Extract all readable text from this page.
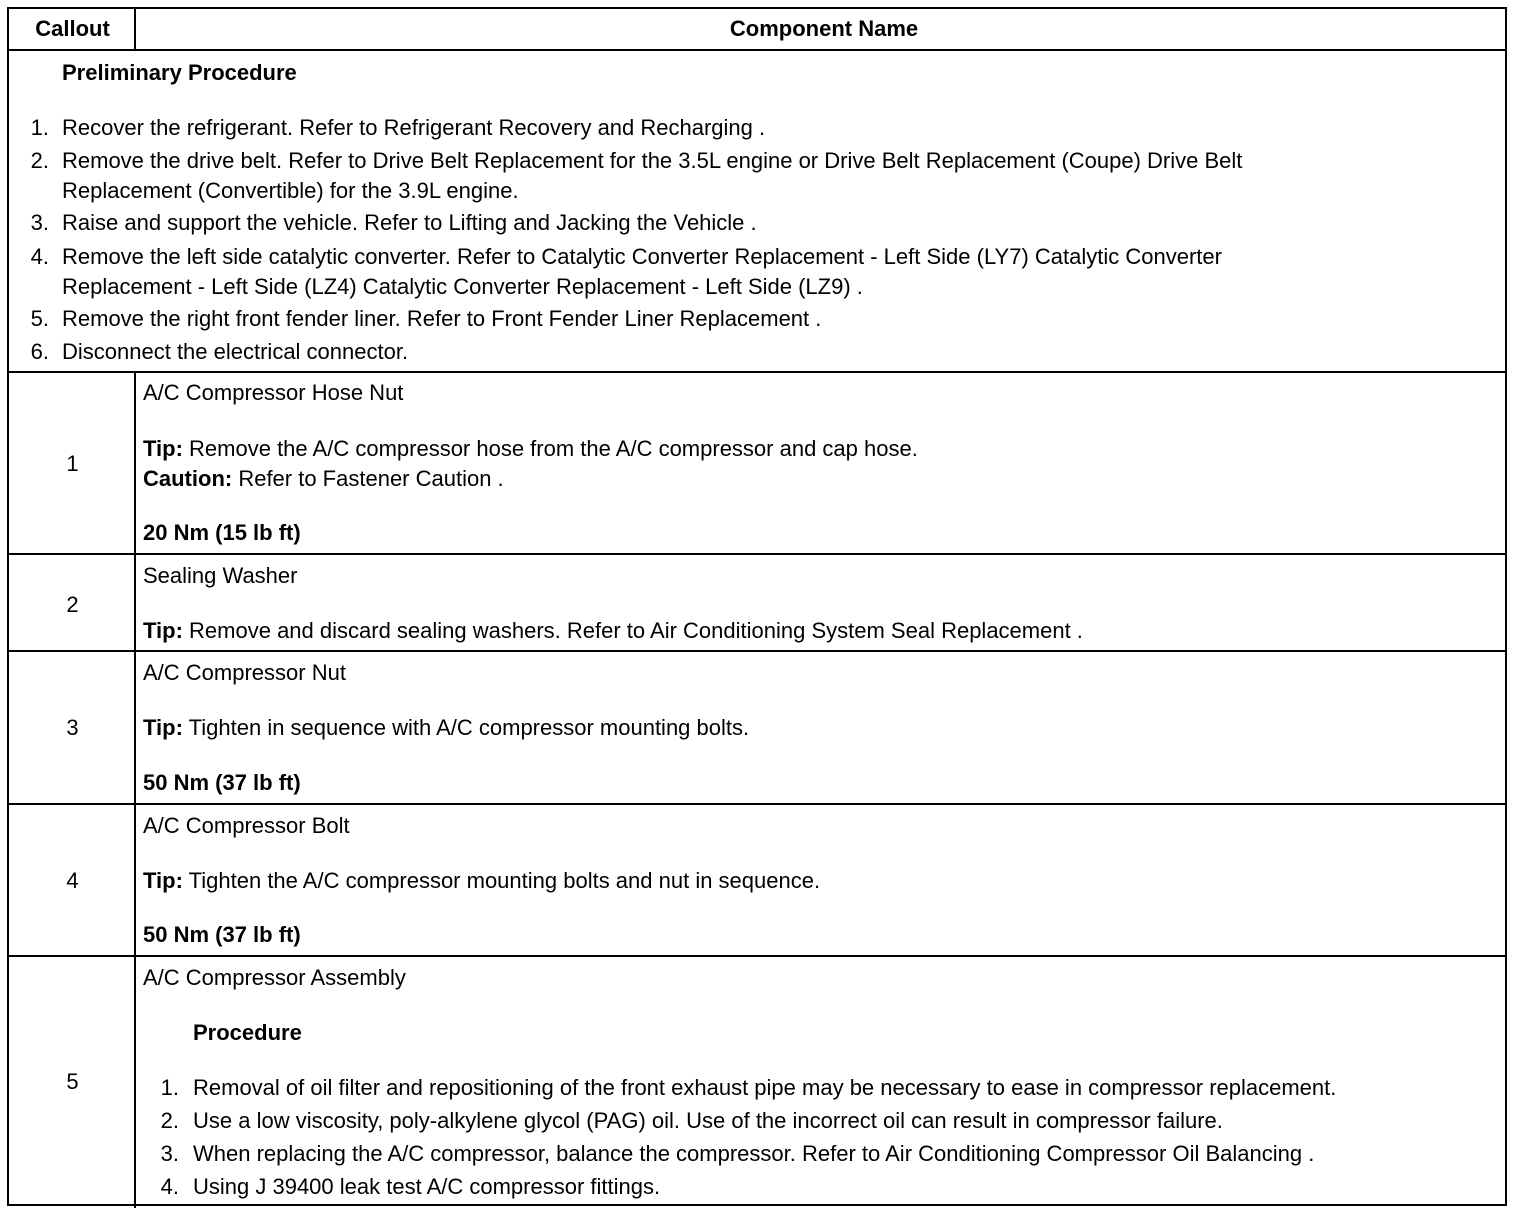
Callout	Component Name
Preliminary Procedure
1. Recover the refrigerant. Refer to Refrigerant Recovery and Recharging .
2. Remove the drive belt. Refer to Drive Belt Replacement for the 3.5L engine or Drive Belt Replacement (Coupe) Drive Belt
Replacement (Convertible) for the 3.9L engine.
3. Raise and support the vehicle. Refer to Lifting and Jacking the Vehicle .
4. Remove the left side catalytic converter. Refer to Catalytic Converter Replacement - Left Side (LY7) Catalytic Converter
Replacement - Left Side (LZ4) Catalytic Converter Replacement - Left Side (LZ9) .
5. Remove the right front fender liner. Refer to Front Fender Liner Replacement .
6. Disconnect the electrical connector.
1
A/C Compressor Hose Nut
Tip: Remove the A/C compressor hose from the A/C compressor and cap hose.
Caution: Refer to Fastener Caution .
20 Nm (15 lb ft)
2
Sealing Washer
Tip: Remove and discard sealing washers. Refer to Air Conditioning System Seal Replacement .
3
A/C Compressor Nut
Tip: Tighten in sequence with A/C compressor mounting bolts.
50 Nm (37 lb ft)
4
A/C Compressor Bolt
Tip: Tighten the A/C compressor mounting bolts and nut in sequence.
50 Nm (37 lb ft)
5
A/C Compressor Assembly
Procedure
1. Removal of oil filter and repositioning of the front exhaust pipe may be necessary to ease in compressor replacement.
2. Use a low viscosity, poly-alkylene glycol (PAG) oil. Use of the incorrect oil can result in compressor failure.
3. When replacing the A/C compressor, balance the compressor. Refer to Air Conditioning Compressor Oil Balancing .
4. Using J 39400 leak test A/C compressor fittings.
